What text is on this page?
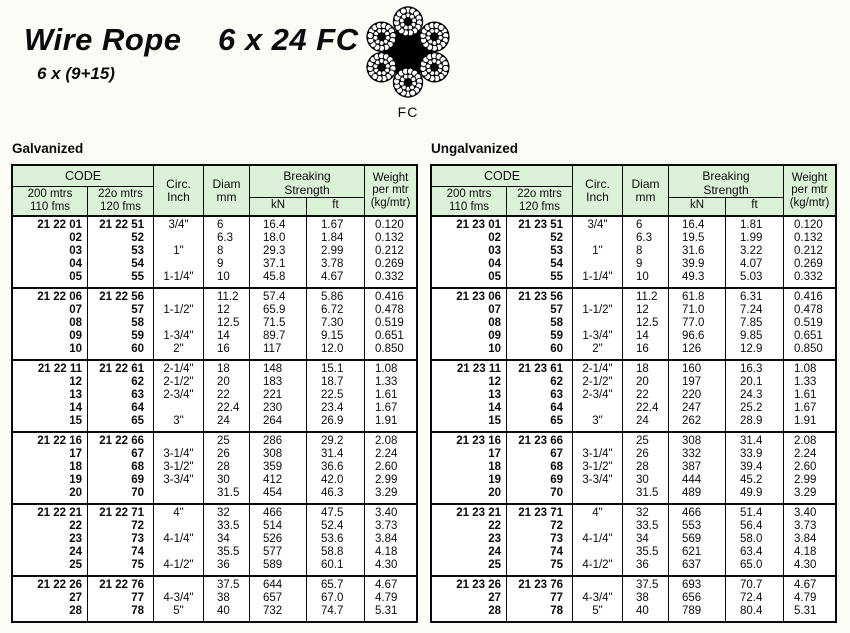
Wire Rope    6 x 24 FC
6 x (9+15)
FC
Galvanized
CODE
200 mtrs
110 fms
22o mtrs
120 fms
Circ.
Inch
Diam
mm
Breaking
Strength
kN	ft
Weight
per mtr
(kg/mtr)
21 22 01
02
03
04
05
21 22 51
52
53
54
55
3/4"

1"

1-1/4"
6
6.3
8
9
10
16.4
18.0
29.3
37.1
45.8
1.67
1.84
2.99
3.78
4.67
0.120
0.132
0.212
0.269
0.332
21 22 06
07
08
09
10
21 22 56
57
58
59
60

1-1/2"

1-3/4"
2"
11.2
12
12.5
14
16
57.4
65.9
71.5
89.7
117
5.86
6.72
7.30
9.15
12.0
0.416
0.478
0.519
0.651
0.850
21 22 11
12
13
14
15
21 22 61
62
63
64
65
2-1/4"
2-1/2"
2-3/4"

3"
18
20
22
22.4
24
148
183
221
230
264
15.1
18.7
22.5
23.4
26.9
1.08
1.33
1.61
1.67
1.91
21 22 16
17
18
19
20
21 22 66
67
68
69
70

3-1/4"
3-1/2"
3-3/4"

25
26
28
30
31.5
286
308
359
412
454
29.2
31.4
36.6
42.0
46.3
2.08
2.24
2.60
2.99
3.29
21 22 21
22
23
24
25
21 22 71
72
73
74
75
4"

4-1/4"

4-1/2"
32
33.5
34
35.5
36
466
514
526
577
589
47.5
52.4
53.6
58.8
60.1
3.40
3.73
3.84
4.18
4.30
21 22 26
27
28
21 22 76
77
78

4-3/4"
5"
37.5
38
40
644
657
732
65.7
67.0
74.7
4.67
4.79
5.31
Ungalvanized
CODE
200 mtrs
110 fms
22o mtrs
120 fms
Circ.
Inch
Diam
mm
Breaking
Strength
kN	ft
Weight
per mtr
(kg/mtr)
21 23 01
02
03
04
05
21 23 51
52
53
54
55
3/4"

1"

1-1/4"
6
6.3
8
9
10
16.4
19.5
31.6
39.9
49.3
1.81
1.99
3.22
4.07
5.03
0.120
0.132
0.212
0.269
0.332
21 23 06
07
08
09
10
21 23 56
57
58
59
60

1-1/2"

1-3/4"
2"
11.2
12
12.5
14
16
61.8
71.0
77.0
96.6
126
6.31
7.24
7.85
9.85
12.9
0.416
0.478
0.519
0.651
0.850
21 23 11
12
13
14
15
21 23 61
62
63
64
65
2-1/4"
2-1/2"
2-3/4"

3"
18
20
22
22.4
24
160
197
220
247
262
16.3
20.1
24.3
25.2
28.9
1.08
1.33
1.61
1.67
1.91
21 23 16
17
18
19
20
21 23 66
67
68
69
70

3-1/4"
3-1/2"
3-3/4"

25
26
28
30
31.5
308
332
387
444
489
31.4
33.9
39.4
45.2
49.9
2.08
2.24
2.60
2.99
3.29
21 23 21
22
23
24
25
21 23 71
72
73
74
75
4"

4-1/4"

4-1/2"
32
33.5
34
35.5
36
466
553
569
621
637
51.4
56.4
58.0
63.4
65.0
3.40
3.73
3.84
4.18
4.30
21 23 26
27
28
21 23 76
77
78

4-3/4"
5"
37.5
38
40
693
656
789
70.7
72.4
80.4
4.67
4.79
5.31
